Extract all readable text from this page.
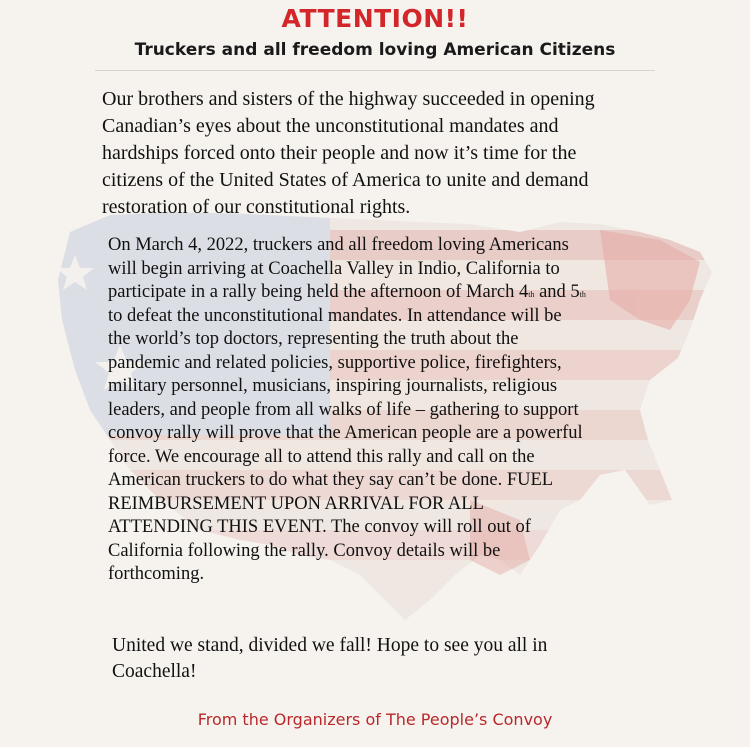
ATTENTION!!
Truckers and all freedom loving American Citizens
Our brothers and sisters of the highway succeeded in opening
Canadian’s eyes about the unconstitutional mandates and
hardships forced onto their people and now it’s time for the
citizens of the United States of America to unite and demand
restoration of our constitutional rights.
On March 4, 2022, truckers and all freedom loving Americans
will begin arriving at Coachella Valley in Indio, California to
participate in a rally being held the afternoon of March 4th and 5th
to defeat the unconstitutional mandates. In attendance will be
the world’s top doctors, representing the truth about the
pandemic and related policies, supportive police, firefighters,
military personnel, musicians, inspiring journalists, religious
leaders, and people from all walks of life – gathering to support
convoy rally will prove that the American people are a powerful
force. We encourage all to attend this rally and call on the
American truckers to do what they say can’t be done. FUEL
REIMBURSEMENT UPON ARRIVAL FOR ALL
ATTENDING THIS EVENT. The convoy will roll out of
California following the rally. Convoy details will be
forthcoming.
United we stand, divided we fall! Hope to see you all in
Coachella!
From the Organizers of The People’s Convoy
